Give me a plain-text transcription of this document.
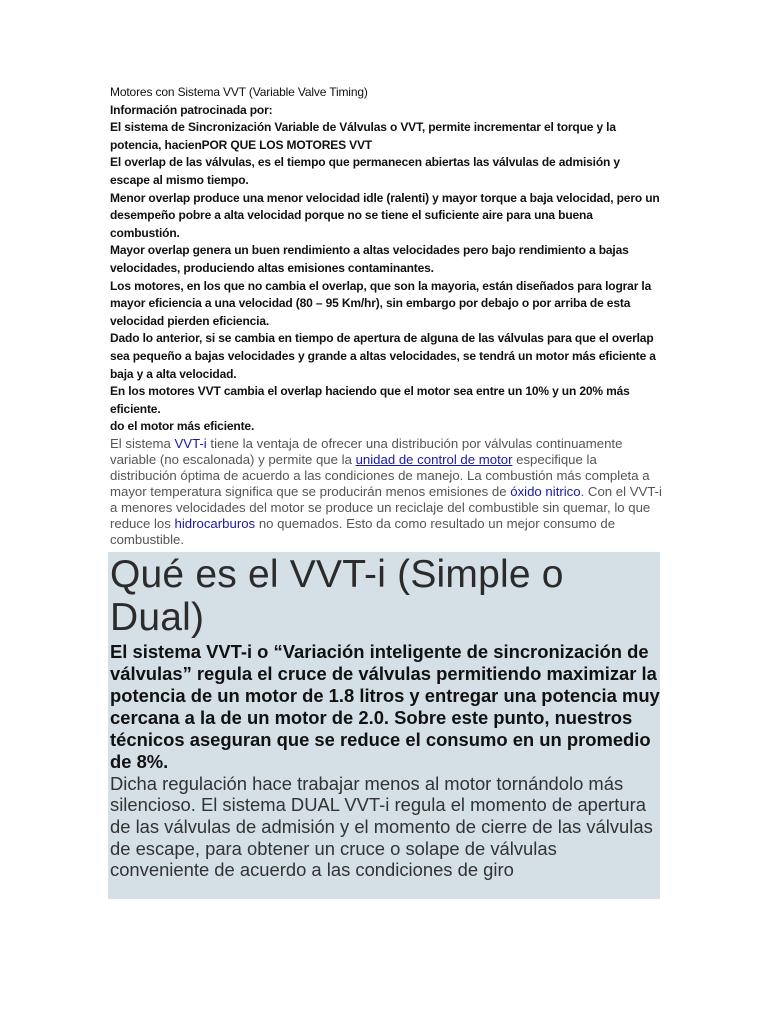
Motores con Sistema VVT (Variable Valve Timing)

Información patrocinada por:

El sistema de Sincronización Variable de Válvulas o VVT, permite incrementar el torque y la potencia, hacienPOR QUE LOS MOTORES VVT

El overlap de las válvulas, es el tiempo que permanecen abiertas las válvulas de admisión y escape al mismo tiempo.

Menor overlap produce una menor velocidad idle (ralenti) y mayor torque a baja velocidad, pero un desempeño pobre a alta velocidad porque no se tiene el suficiente aire para una buena combustión.

Mayor overlap genera un buen rendimiento a altas velocidades pero bajo rendimiento a bajas velocidades, produciendo altas emisiones contaminantes.

Los motores, en los que no cambia el overlap, que son la mayoria, están diseñados para lograr la mayor eficiencia a una velocidad (80 – 95 Km/hr), sin embargo por debajo o por arriba de esta velocidad pierden eficiencia.

Dado lo anterior, si se cambia en tiempo de apertura de alguna de las válvulas para que el overlap sea pequeño a bajas velocidades y grande a altas velocidades, se tendrá un motor más eficiente a baja y a alta velocidad.

En los motores VVT cambia el overlap haciendo que el motor sea entre un 10% y un 20% más eficiente.

do el motor más eficiente.

El sistema VVT-i tiene la ventaja de ofrecer una distribución por válvulas continuamente variable (no escalonada) y permite que la unidad de control de motor especifique la distribución óptima de acuerdo a las condiciones de manejo. La combustión más completa a mayor temperatura significa que se producirán menos emisiones de óxido nitrico. Con el VVT-i a menores velocidades del motor se produce un reciclaje del combustible sin quemar, lo que reduce los hidrocarburos no quemados. Esto da como resultado un mejor consumo de combustible.

Qué es el VVT-i (Simple o Dual)

El sistema VVT-i o “Variación inteligente de sincronización de válvulas” regula el cruce de válvulas permitiendo maximizar la potencia de un motor de 1.8 litros y entregar una potencia muy cercana a la de un motor de 2.0. Sobre este punto, nuestros técnicos aseguran que se reduce el consumo en un promedio de 8%.

Dicha regulación hace trabajar menos al motor tornándolo más silencioso. El sistema DUAL VVT-i regula el momento de apertura de las válvulas de admisión y el momento de cierre de las válvulas de escape, para obtener un cruce o solape de válvulas conveniente de acuerdo a las condiciones de giro
